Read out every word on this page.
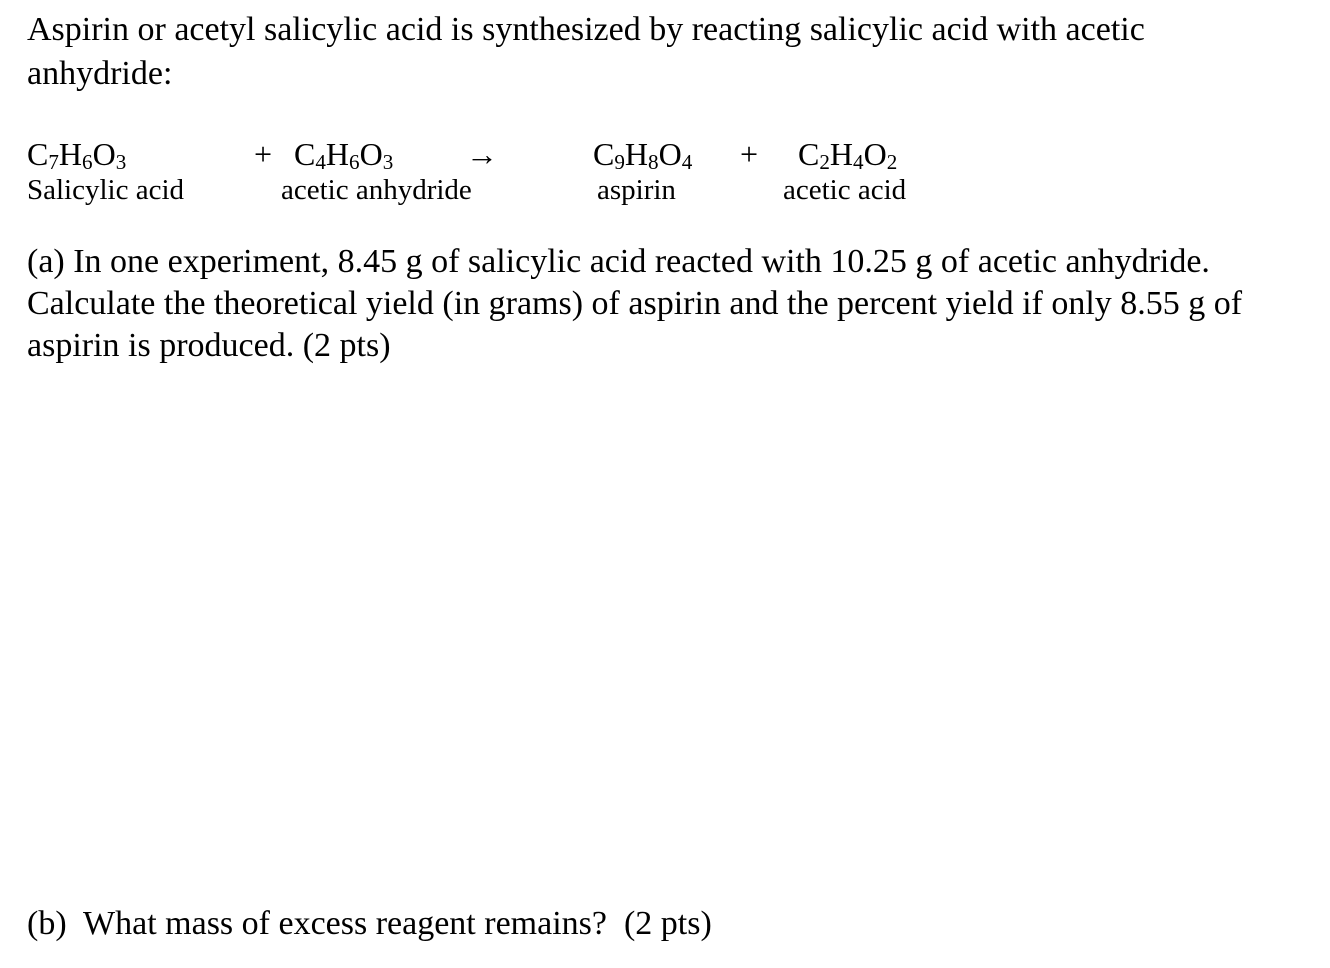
Aspirin or acetyl salicylic acid is synthesized by reacting salicylic acid with acetic anhydride:

$C_7H_6O_3$	+ $C_4H_6O_3$ →	$C_9H_8O_4 + C_2H_4O_2$
Salicylic acid	acetic anhydride	aspirin	acetic acid

(a) In one experiment, 8.45 g of salicylic acid reacted with 10.25 g of acetic anhydride. Calculate the theoretical yield (in grams) of aspirin and the percent yield if only 8.55 g of aspirin is produced. (2 pts)

(b)  What mass of excess reagent remains?  (2 pts)
